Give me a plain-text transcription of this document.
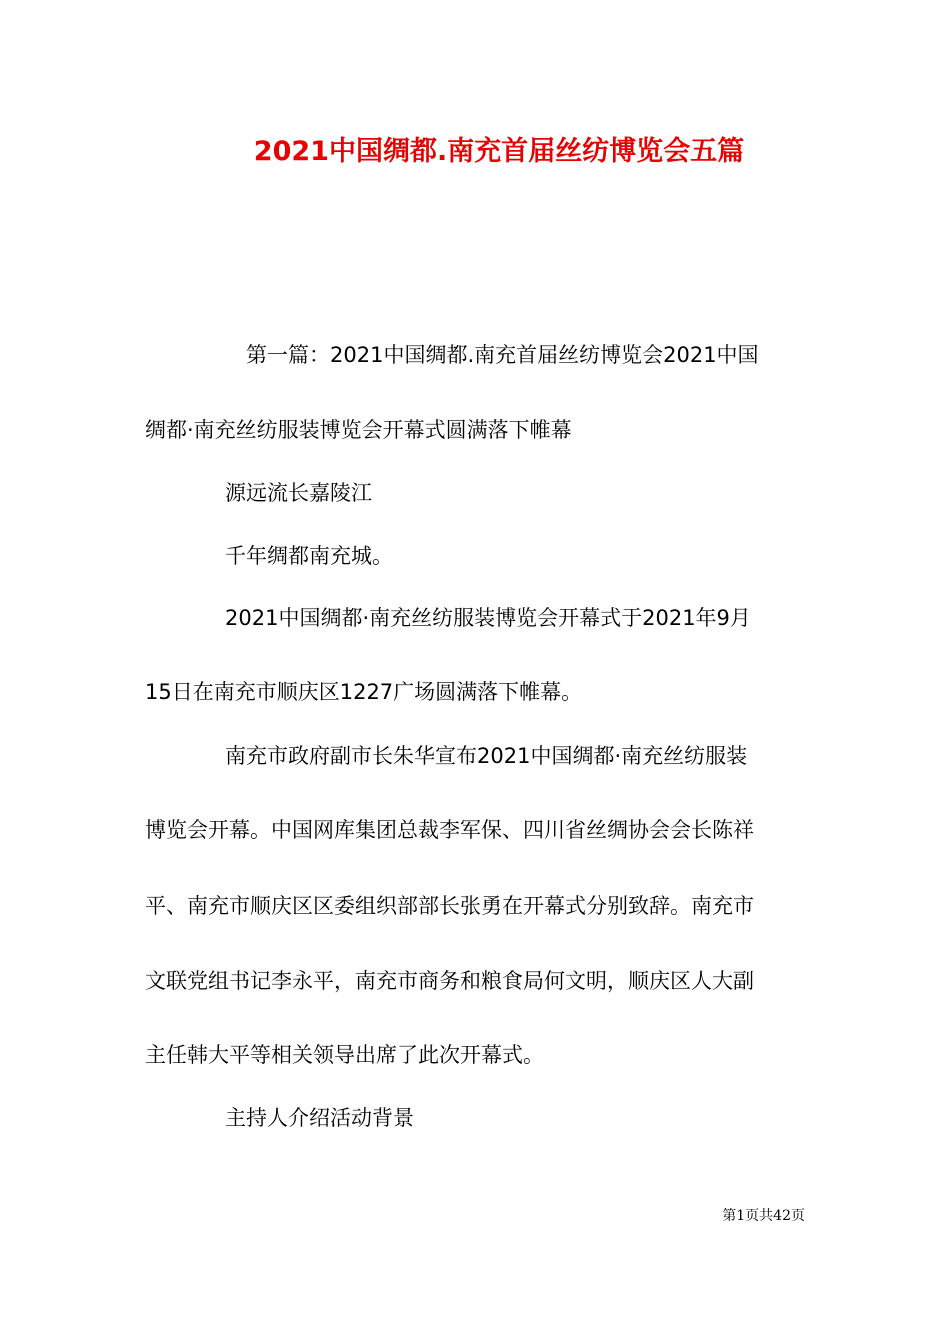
2021中国绸都.南充首届丝纺博览会五篇

第一篇：2021中国绸都.南充首届丝纺博览会2021中国

绸都·南充丝纺服装博览会开幕式圆满落下帷幕

源远流长嘉陵江

千年绸都南充城。

2021中国绸都·南充丝纺服装博览会开幕式于2021年9月

15日在南充市顺庆区1227广场圆满落下帷幕。

南充市政府副市长朱华宣布2021中国绸都·南充丝纺服装

博览会开幕。中国网库集团总裁李军保、四川省丝绸协会会长陈祥

平、南充市顺庆区区委组织部部长张勇在开幕式分别致辞。南充市

文联党组书记李永平，南充市商务和粮食局何文明，顺庆区人大副

主任韩大平等相关领导出席了此次开幕式。

主持人介绍活动背景

第1页共42页
